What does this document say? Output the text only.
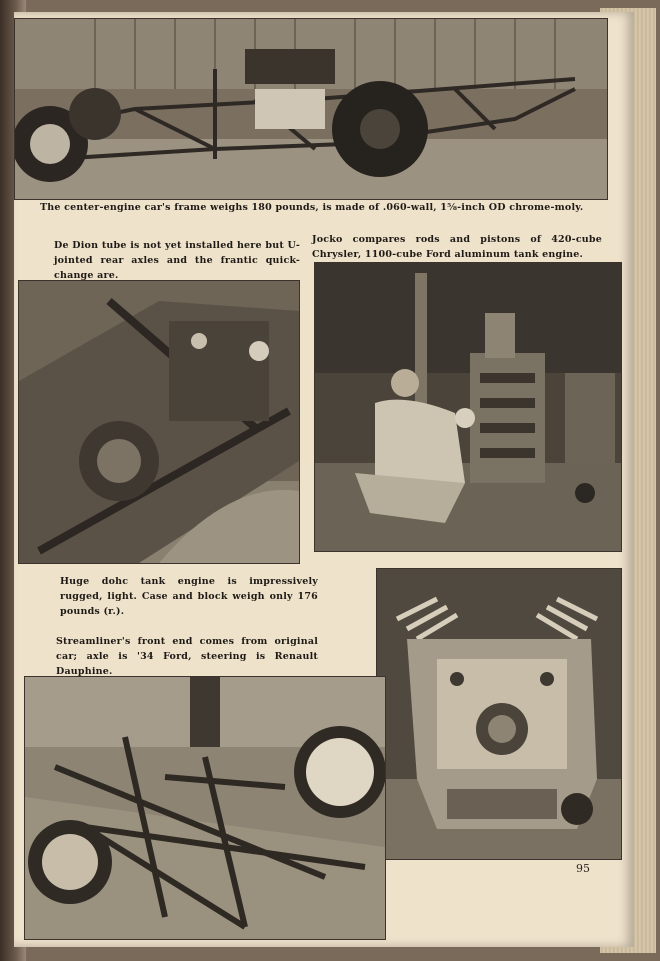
The center-engine car's frame weighs 180 pounds, is made of .060-wall, 1⅝-inch OD chrome-moly.
De Dion tube is not yet installed here but U-jointed rear axles and the frantic quick-change are.
Jocko compares rods and pistons of 420-cube Chrysler, 1100-cube Ford aluminum tank engine.
Huge dohc tank engine is impressively rugged, light. Case and block weigh only 176 pounds (r.).
Streamliner's front end comes from original car; axle is '34 Ford, steering is Renault Dauphine.
95
